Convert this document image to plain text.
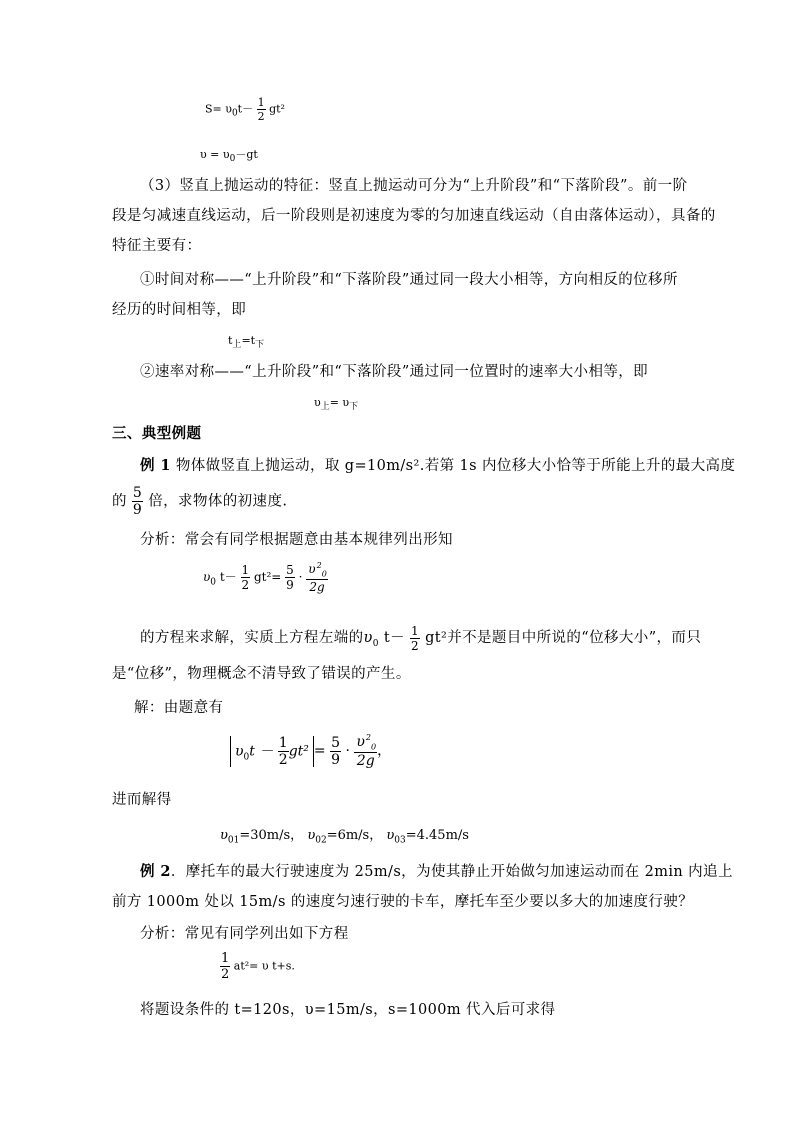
$S= \upsilon_0t- \frac{1}{2} gt^2$
$\upsilon = \upsilon_0-gt$
（3）竖直上抛运动的特征：竖直上抛运动可分为“上升阶段”和“下落阶段”。前一阶
段是匀减速直线运动，后一阶段则是初速度为零的匀加速直线运动（自由落体运动），具备的
特征主要有：
①时间对称——“上升阶段”和“下落阶段”通过同一段大小相等，方向相反的位移所
经历的时间相等，即
$t_上=t_下$
②速率对称——“上升阶段”和“下落阶段”通过同一位置时的速率大小相等，即
$\upsilon_上= \upsilon_下$
三、典型例题
例 1 物体做竖直上抛运动，取 g=10m/s².若第 1s 内位移大小恰等于所能上升的最大高度
的 $\frac{5}{9}$ 倍，求物体的初速度.
分析：常会有同学根据题意由基本规律列出形知
$\upsilon_0$ $t- \frac{1}{2} gt^2= \frac{5}{9} \cdot \frac{\upsilon^2_0}{2g}$
的方程来求解，实质上方程左端的$\upsilon_0$ $t- \frac{1}{2} gt^2$并不是题目中所说的“位移大小”，而只
是“位移”，物理概念不清导致了错误的产生。
解：由题意有
$\upsilon_0t - \frac{1}{2} gt^2 = \frac{5}{9} \cdot \frac{\upsilon^2_0}{2g}$ ，
进而解得
$\upsilon_{01}=30m/s$， $\upsilon_{02}=6m/s$， $\upsilon_{03}=4.45m/s$
例 2．摩托车的最大行驶速度为 25m/s，为使其静止开始做匀加速运动而在 2min 内追上
前方 1000m 处以 15m/s 的速度匀速行驶的卡车，摩托车至少要以多大的加速度行驶？
分析：常见有同学列出如下方程
$\frac{1}{2} at^2= \upsilon$ t+s.
将题设条件的 t=120s，υ=15m/s，s=1000m 代入后可求得
